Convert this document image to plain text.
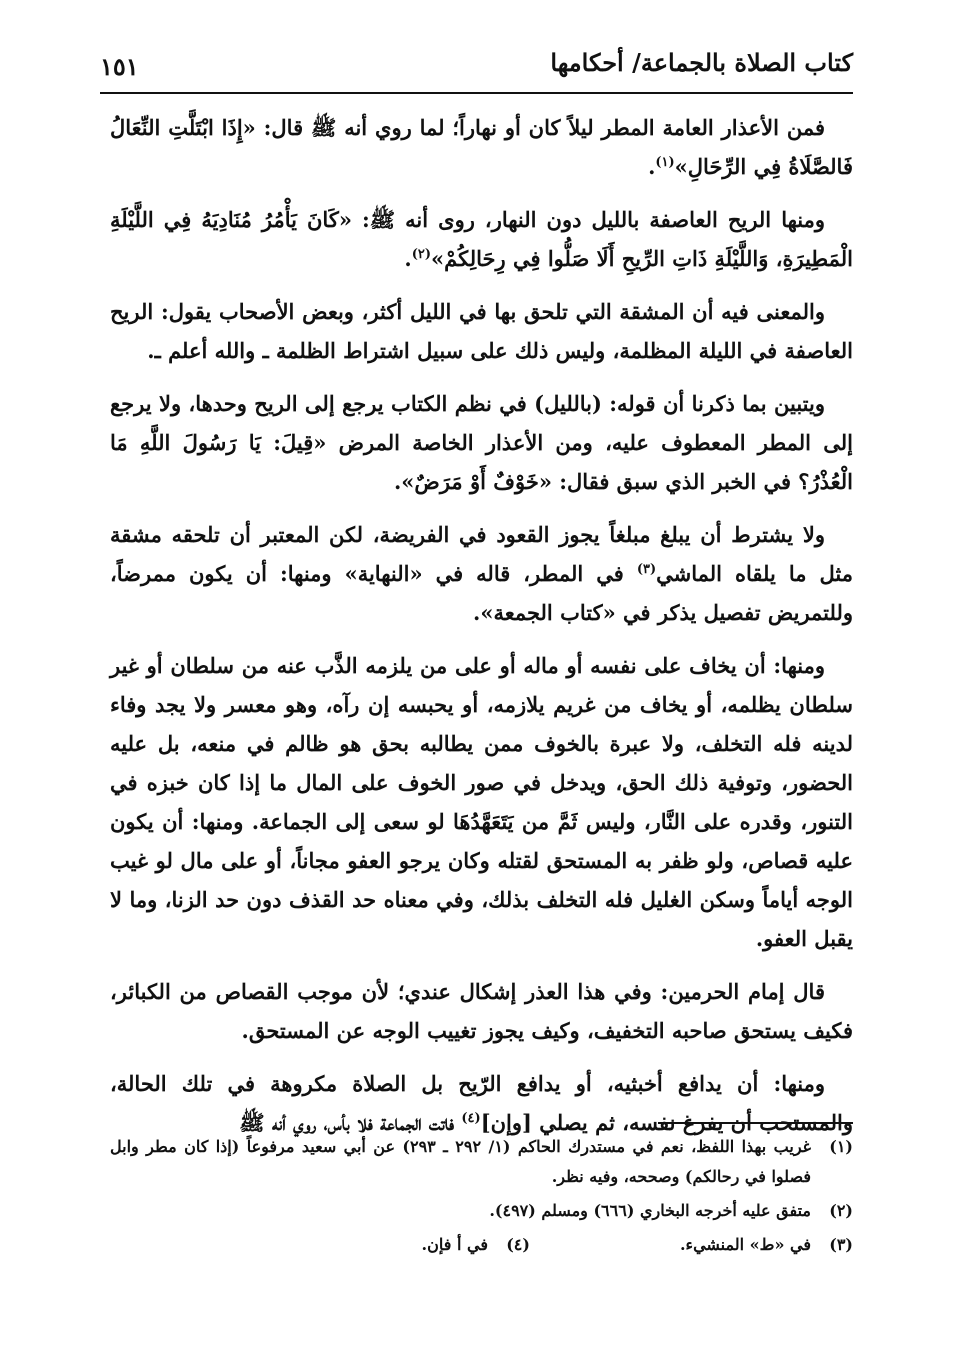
كتاب الصلاة بالجماعة/ أحكامها
١٥١

فمن الأعذار العامة المطر ليلاً كان أو نهاراً؛ لما روي أنه ﷺ قال: «إِذَا ابْتَلَّتِ النِّعَالُ فَالصَّلَاةُ فِي الرِّحَالِ»$^{(١)}$.

ومنها الريح العاصفة بالليل دون النهار، روى أنه ﷺ: «كَانَ يَأْمُرُ مُنَادِيَهُ فِي اللَّيْلَةِ الْمَطِيرَةِ، وَاللَّيْلَةِ ذَاتِ الرِّيحِ أَلَا صَلُّوا فِي رِحَالِكُمْ»$^{(٢)}$.

والمعنى فيه أن المشقة التي تلحق بها في الليل أكثر، وبعض الأصحاب يقول: الريح العاصفة في الليلة المظلمة، وليس ذلك على سبيل اشتراط الظلمة ـ والله أعلم ـ.

ويتبين بما ذكرنا أن قوله: (بالليل) في نظم الكتاب يرجع إلى الريح وحدها، ولا يرجع إلى المطر المعطوف عليه، ومن الأعذار الخاصة المرض «قِيلَ: يَا رَسُولَ اللَّهِ مَا الْعُذْرُ؟ في الخبر الذي سبق فقال: «خَوْفٌ أَوْ مَرَضٌ».

ولا يشترط أن يبلغ مبلغاً يجوز القعود في الفريضة، لكن المعتبر أن تلحقه مشقة مثل ما يلقاه الماشي$^{(٣)}$ في المطر، قاله في «النهاية» ومنها: أن يكون ممرضاً، وللتمريض تفصيل يذكر في «كتاب الجمعة».

ومنها: أن يخاف على نفسه أو ماله أو على من يلزمه الذَّب عنه من سلطان أو غير سلطان يظلمه، أو يخاف من غريم يلازمه، أو يحبسه إن رآه، وهو معسر ولا يجد وفاء لدينه فله التخلف، ولا عبرة بالخوف ممن يطالبه بحق هو ظالم في منعه، بل عليه الحضور، وتوفية ذلك الحق، ويدخل في صور الخوف على المال ما إذا كان خبزه في التنور، وقدره على النَّار، وليس ثَمَّ من يَتَعَهَّدُهَا لو سعى إلى الجماعة. ومنها: أن يكون عليه قصاص، ولو ظفر به المستحق لقتله وكان يرجو العفو مجاناً، أو على مال لو غيب الوجه أياماً وسكن الغليل فله التخلف بذلك، وفي معناه حد القذف دون حد الزنا، وما لا يقبل العفو.

قال إمام الحرمين: وفي هذا العذر إشكال عندي؛ لأن موجب القصاص من الكبائر، فكيف يستحق صاحبه التخفيف، وكيف يجوز تغييب الوجه عن المستحق.

ومنها: أن يدافع أخبثيه، أو يدافع الرّيح بل الصلاة مكروهة في تلك الحالة، والمستحب أن يفرغ نفسه، ثم يصلي [وإن]$^{(٤)}$ فاتت الجماعة فلا بأس، روي أنه ﷺ

(١)
غريب بهذا اللفظ، نعم في مستدرك الحاكم (١/ ٢٩٢ ـ ٢٩٣) عن أبي سعيد مرفوعاً (إذا كان مطر وابل فصلوا في رحالكم) وصححه، وفيه نظر.
(٢)
متفق عليه أخرجه البخاري (٦٦٦) ومسلم (٤٩٧).
(٣)
في «ط» المنشيء.
(٤)
في أ فإن.
